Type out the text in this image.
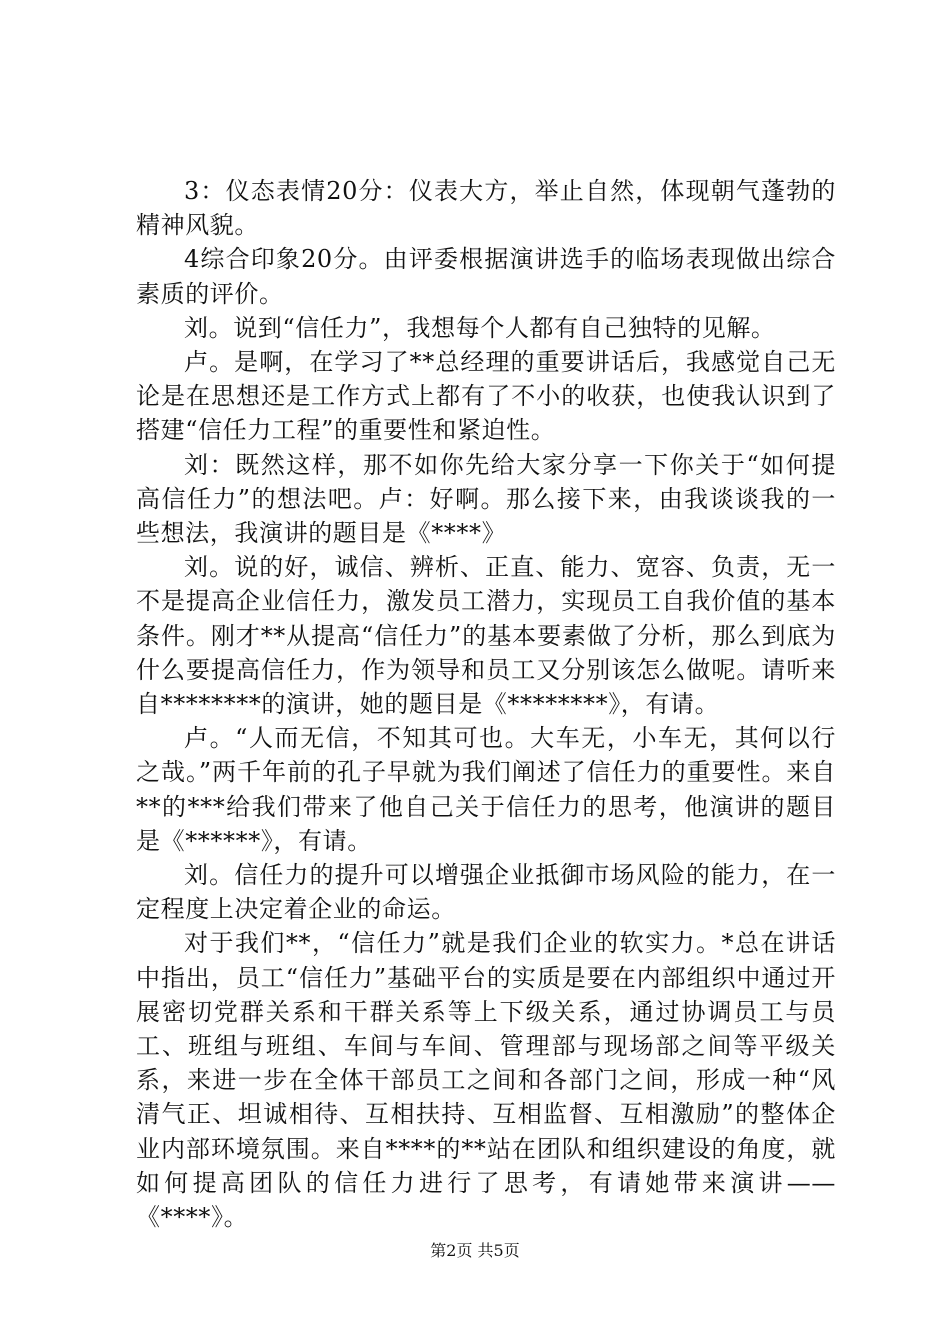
3：仪态表情20分：仪表大方，举止自然，体现朝气蓬勃的精神风貌。

4综合印象20分。由评委根据演讲选手的临场表现做出综合素质的评价。

刘。说到“信任力”，我想每个人都有自己独特的见解。

卢。是啊，在学习了**总经理的重要讲话后，我感觉自己无论是在思想还是工作方式上都有了不小的收获，也使我认识到了搭建“信任力工程”的重要性和紧迫性。

刘：既然这样，那不如你先给大家分享一下你关于“如何提高信任力”的想法吧。卢：好啊。那么接下来，由我谈谈我的一些想法，我演讲的题目是《****》

刘。说的好，诚信、辨析、正直、能力、宽容、负责，无一不是提高企业信任力，激发员工潜力，实现员工自我价值的基本条件。刚才**从提高“信任力”的基本要素做了分析，那么到底为什么要提高信任力，作为领导和员工又分别该怎么做呢。请听来自********的演讲，她的题目是《********》，有请。

卢。“人而无信，不知其可也。大车无，小车无，其何以行之哉。”两千年前的孔子早就为我们阐述了信任力的重要性。来自**的***给我们带来了他自己关于信任力的思考，他演讲的题目是《******》，有请。

刘。信任力的提升可以增强企业抵御市场风险的能力，在一定程度上决定着企业的命运。

对于我们**，“信任力”就是我们企业的软实力。*总在讲话中指出，员工“信任力”基础平台的实质是要在内部组织中通过开展密切党群关系和干群关系等上下级关系，通过协调员工与员工、班组与班组、车间与车间、管理部与现场部之间等平级关系，来进一步在全体干部员工之间和各部门之间，形成一种“风清气正、坦诚相待、互相扶持、互相监督、互相激励”的整体企业内部环境氛围。来自****的**站在团队和组织建设的角度，就如何提高团队的信任力进行了思考，有请她带来演讲——《****》。

第2页 共5页
